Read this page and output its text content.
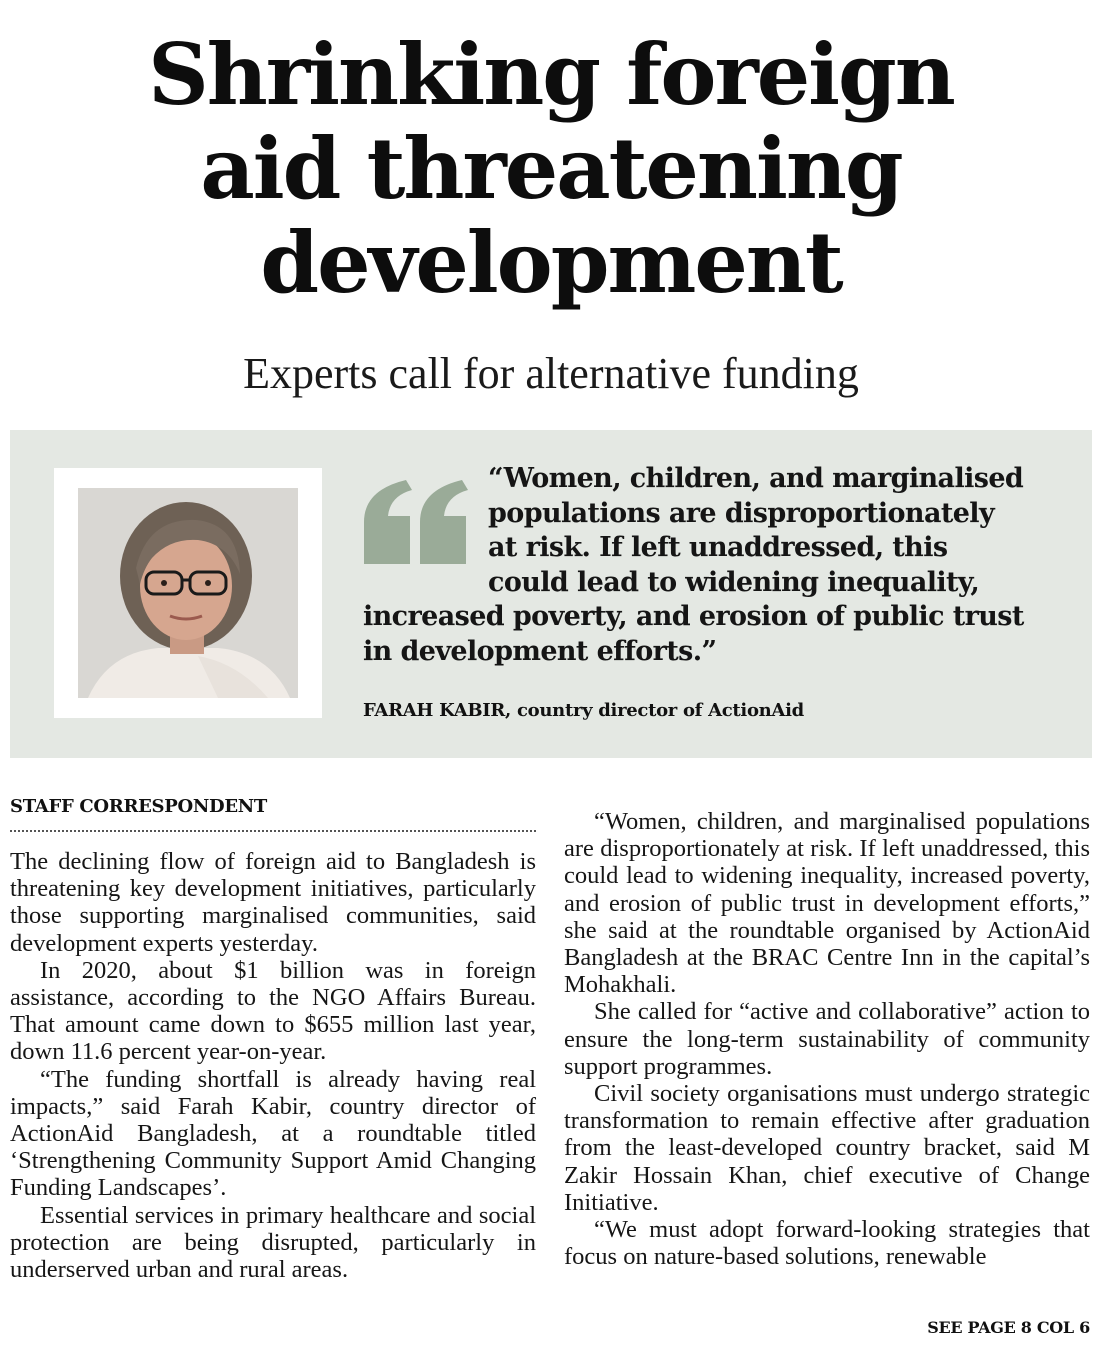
Shrinking foreign
aid threatening
development
Experts call for alternative funding
“Women, children, and marginalised
populations are disproportionately
at risk. If left unaddressed, this
could lead to widening inequality,
increased poverty, and erosion of public trust
in development efforts.”
FARAH KABIR, country director of ActionAid
STAFF CORRESPONDENT

The declining flow of foreign aid to Bangladesh is threatening key development initiatives, particularly those supporting marginalised communities, said development experts yesterday.

In 2020, about $1 billion was in foreign assistance, according to the NGO Affairs Bureau. That amount came down to $655 million last year, down 11.6 percent year-on-year.

“The funding shortfall is already having real impacts,” said Farah Kabir, country director of ActionAid Bangladesh, at a roundtable titled ‘Strengthening Community Support Amid Changing Funding Landscapes’.

Essential services in primary healthcare and social protection are being disrupted, particularly in underserved urban and rural areas.

“Women, children, and marginalised populations are disproportionately at risk. If left unaddressed, this could lead to widening inequality, increased poverty, and erosion of public trust in development efforts,” she said at the roundtable organised by ActionAid Bangladesh at the BRAC Centre Inn in the capital’s Mohakhali.

She called for “active and collaborative” action to ensure the long-term sustainability of community support programmes.

Civil society organisations must undergo strategic transformation to remain effective after graduation from the least-developed country bracket, said M Zakir Hossain Khan, chief executive of Change Initiative.

“We must adopt forward-looking strategies that focus on nature-based solutions, renewable

SEE PAGE 8 COL 6
